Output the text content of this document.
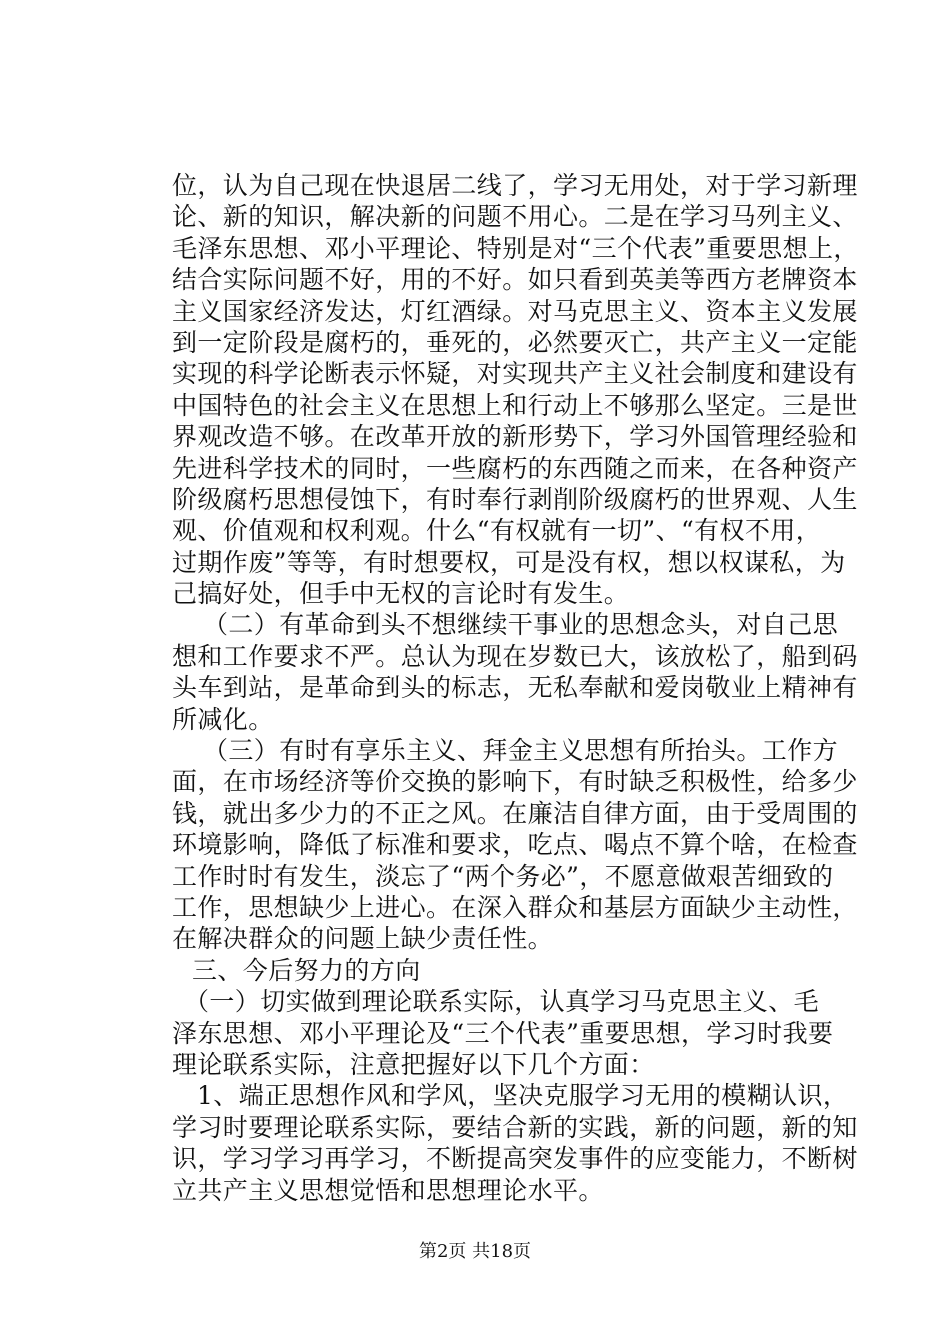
位，认为自己现在快退居二线了，学习无用处，对于学习新理
论、新的知识，解决新的问题不用心。二是在学习马列主义、
毛泽东思想、邓小平理论、特别是对“三个代表”重要思想上，
结合实际问题不好，用的不好。如只看到英美等西方老牌资本
主义国家经济发达，灯红酒绿。对马克思主义、资本主义发展
到一定阶段是腐朽的，垂死的，必然要灭亡，共产主义一定能
实现的科学论断表示怀疑，对实现共产主义社会制度和建设有
中国特色的社会主义在思想上和行动上不够那么坚定。三是世
界观改造不够。在改革开放的新形势下，学习外国管理经验和
先进科学技术的同时，一些腐朽的东西随之而来，在各种资产
阶级腐朽思想侵蚀下，有时奉行剥削阶级腐朽的世界观、人生
观、价值观和权利观。什么“有权就有一切”、“有权不用，
过期作废”等等，有时想要权，可是没有权，想以权谋私，为
己搞好处，但手中无权的言论时有发生。
（二）有革命到头不想继续干事业的思想念头，对自己思
想和工作要求不严。总认为现在岁数已大，该放松了，船到码
头车到站，是革命到头的标志，无私奉献和爱岗敬业上精神有
所减化。
（三）有时有享乐主义、拜金主义思想有所抬头。工作方
面，在市场经济等价交换的影响下，有时缺乏积极性，给多少
钱，就出多少力的不正之风。在廉洁自律方面，由于受周围的
环境影响，降低了标准和要求，吃点、喝点不算个啥，在检查
工作时时有发生，淡忘了“两个务必”，不愿意做艰苦细致的
工作，思想缺少上进心。在深入群众和基层方面缺少主动性，
在解决群众的问题上缺少责任性。
三、今后努力的方向
（一）切实做到理论联系实际，认真学习马克思主义、毛
泽东思想、邓小平理论及“三个代表”重要思想，学习时我要
理论联系实际，注意把握好以下几个方面：
1、端正思想作风和学风，坚决克服学习无用的模糊认识，
学习时要理论联系实际，要结合新的实践，新的问题，新的知
识，学习学习再学习，不断提高突发事件的应变能力，不断树
立共产主义思想觉悟和思想理论水平。
第2页 共18页
